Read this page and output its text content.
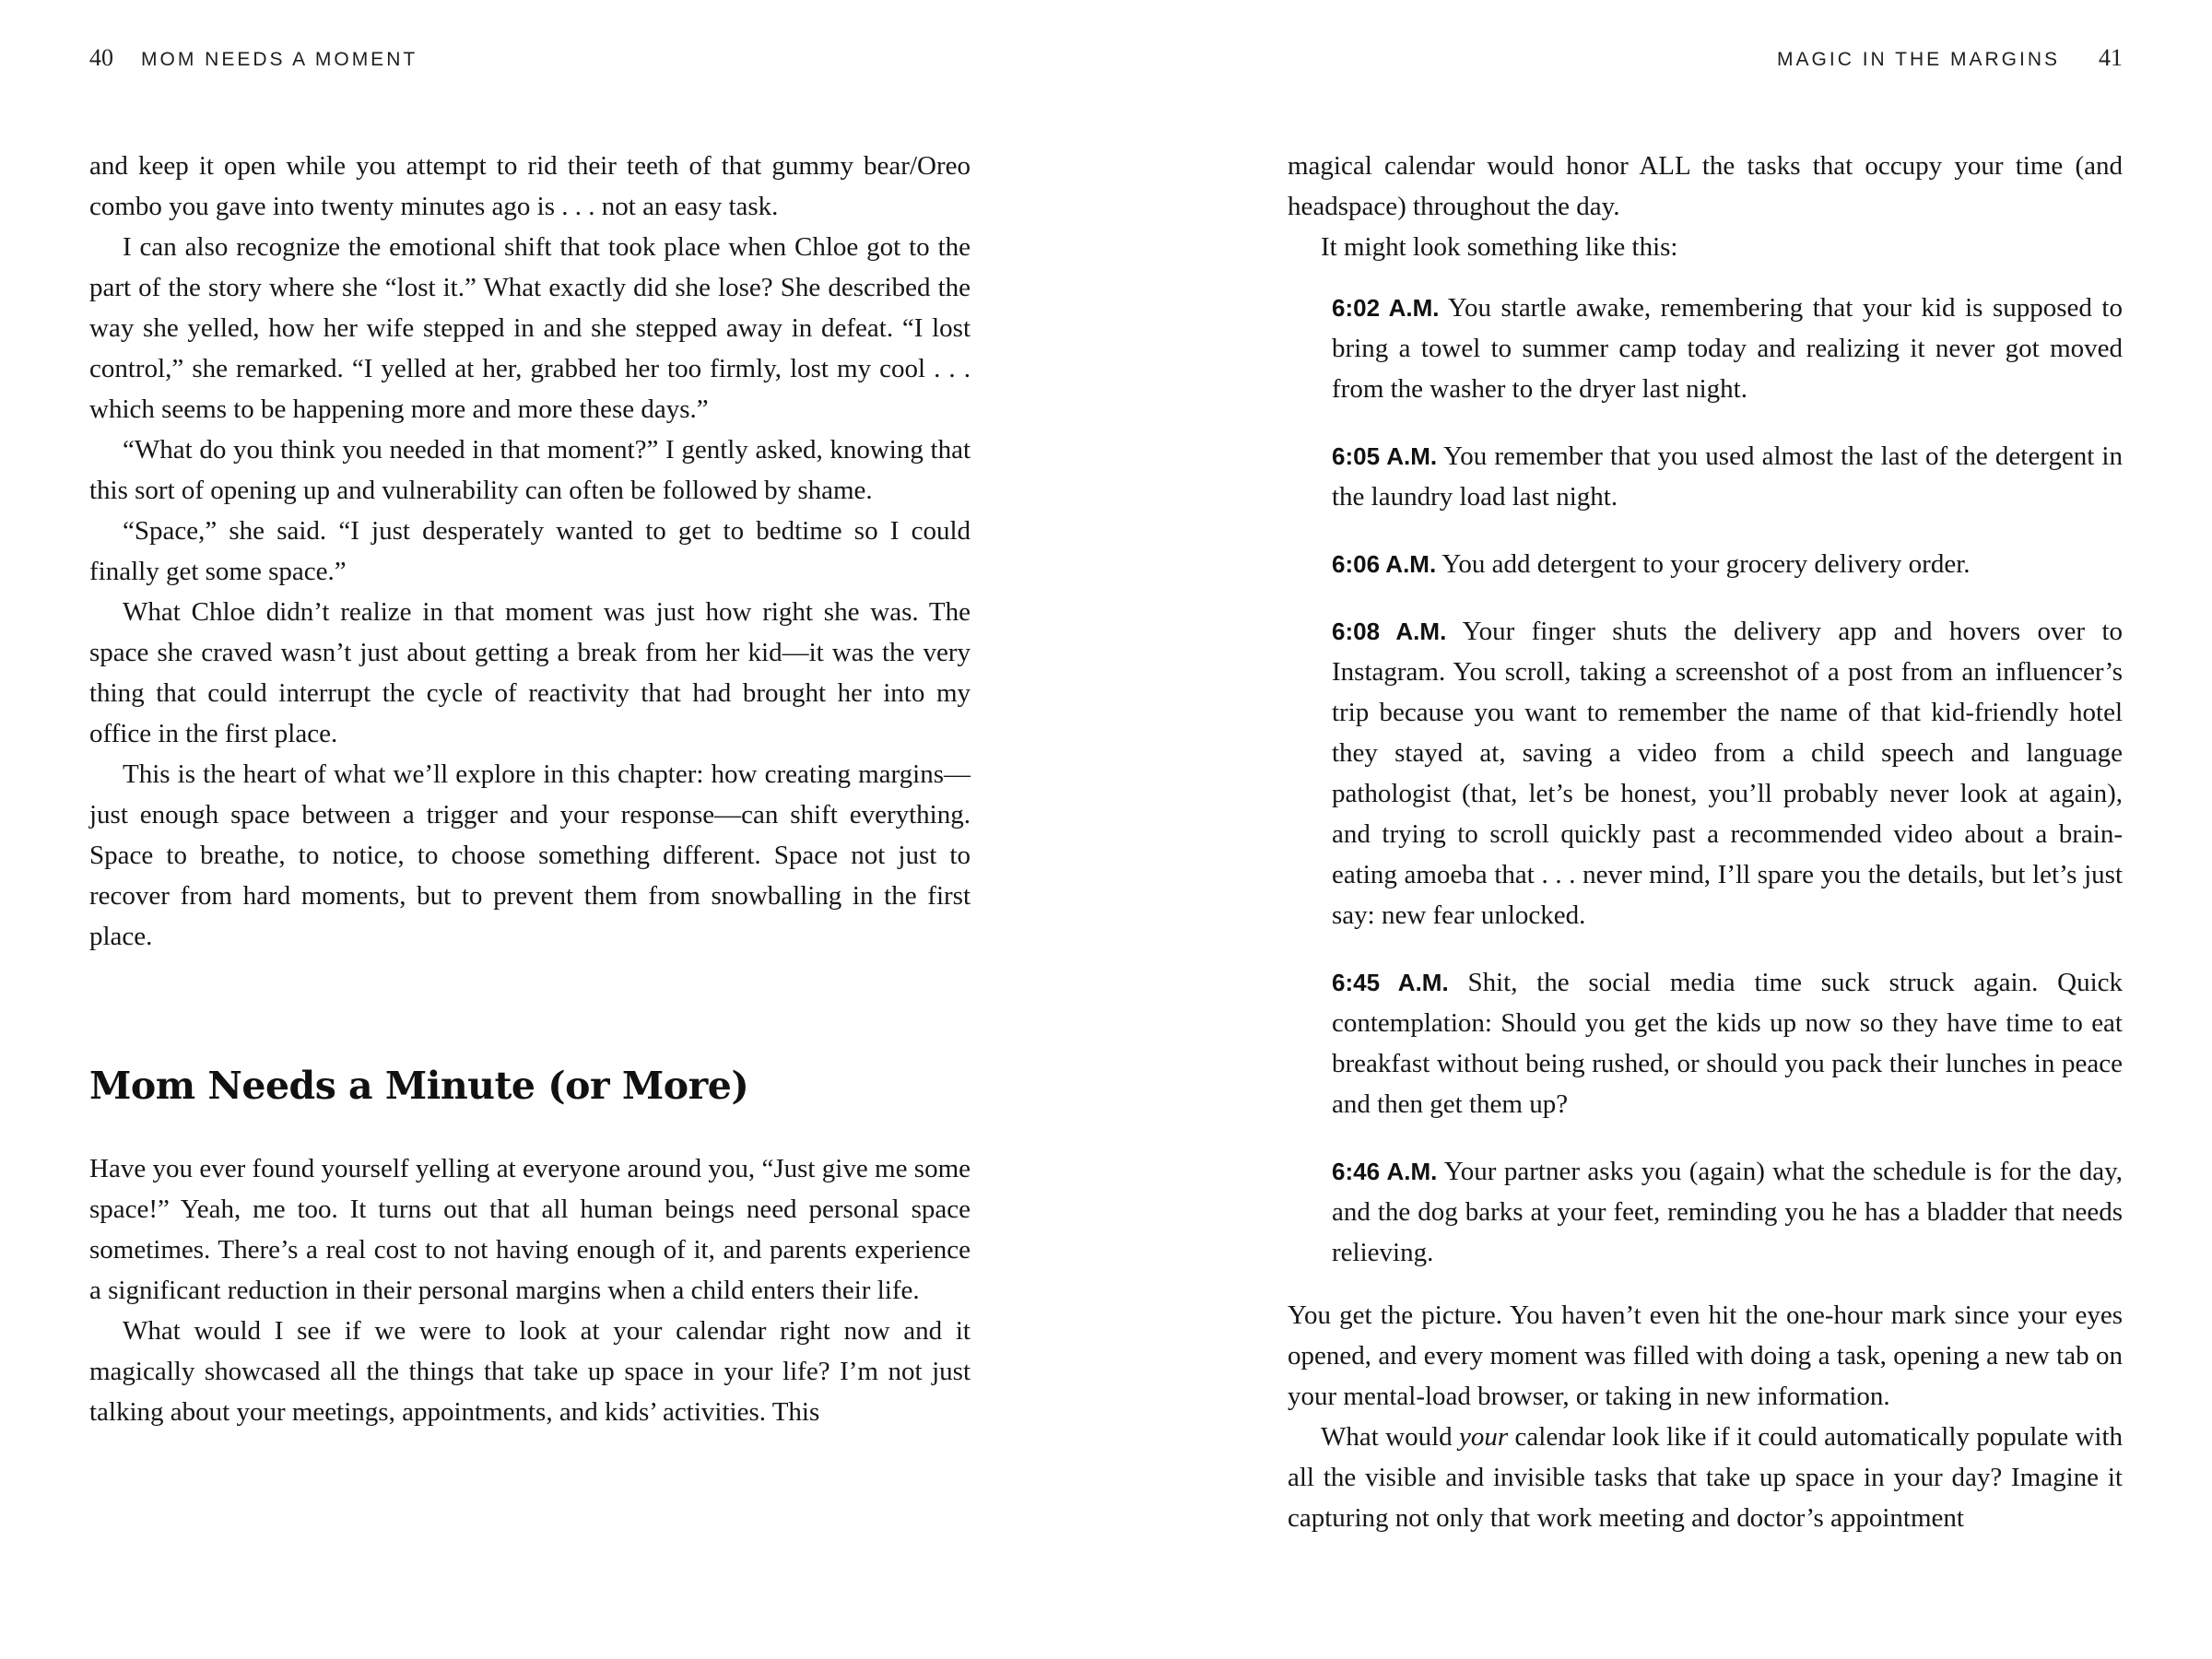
40 MOM NEEDS A MOMENT	MAGIC IN THE MARGINS 41

and keep it open while you attempt to rid their teeth of that gummy bear/Oreo combo you gave into twenty minutes ago is . . . not an easy task.

I can also recognize the emotional shift that took place when Chloe got to the part of the story where she “lost it.” What exactly did she lose? She described the way she yelled, how her wife stepped in and she stepped away in defeat. “I lost control,” she remarked. “I yelled at her, grabbed her too firmly, lost my cool . . . which seems to be happening more and more these days.”

“What do you think you needed in that moment?” I gently asked, knowing that this sort of opening up and vulnerability can often be followed by shame.

“Space,” she said. “I just desperately wanted to get to bedtime so I could finally get some space.”

What Chloe didn’t realize in that moment was just how right she was. The space she craved wasn’t just about getting a break from her kid—it was the very thing that could interrupt the cycle of reactivity that had brought her into my office in the first place.

This is the heart of what we’ll explore in this chapter: how creating margins—just enough space between a trigger and your response—can shift everything. Space to breathe, to notice, to choose something different. Space not just to recover from hard moments, but to prevent them from snowballing in the first place.

Mom Needs a Minute (or More)

Have you ever found yourself yelling at everyone around you, “Just give me some space!” Yeah, me too. It turns out that all human beings need personal space sometimes. There’s a real cost to not having enough of it, and parents experience a significant reduction in their personal margins when a child enters their life.

What would I see if we were to look at your calendar right now and it magically showcased all the things that take up space in your life? I’m not just talking about your meetings, appointments, and kids’ activities. This

magical calendar would honor ALL the tasks that occupy your time (and headspace) throughout the day.

It might look something like this:

6:02 A.M. You startle awake, remembering that your kid is supposed to bring a towel to summer camp today and realizing it never got moved from the washer to the dryer last night.

6:05 A.M. You remember that you used almost the last of the detergent in the laundry load last night.

6:06 A.M. You add detergent to your grocery delivery order.

6:08 A.M. Your finger shuts the delivery app and hovers over to Instagram. You scroll, taking a screenshot of a post from an influencer’s trip because you want to remember the name of that kid-friendly hotel they stayed at, saving a video from a child speech and language pathologist (that, let’s be honest, you’ll probably never look at again), and trying to scroll quickly past a recommended video about a brain-eating amoeba that . . . never mind, I’ll spare you the details, but let’s just say: new fear unlocked.

6:45 A.M. Shit, the social media time suck struck again. Quick contemplation: Should you get the kids up now so they have time to eat breakfast without being rushed, or should you pack their lunches in peace and then get them up?

6:46 A.M. Your partner asks you (again) what the schedule is for the day, and the dog barks at your feet, reminding you he has a bladder that needs relieving.

You get the picture. You haven’t even hit the one-hour mark since your eyes opened, and every moment was filled with doing a task, opening a new tab on your mental-load browser, or taking in new information.

What would your calendar look like if it could automatically populate with all the visible and invisible tasks that take up space in your day? Imagine it capturing not only that work meeting and doctor’s appointment
